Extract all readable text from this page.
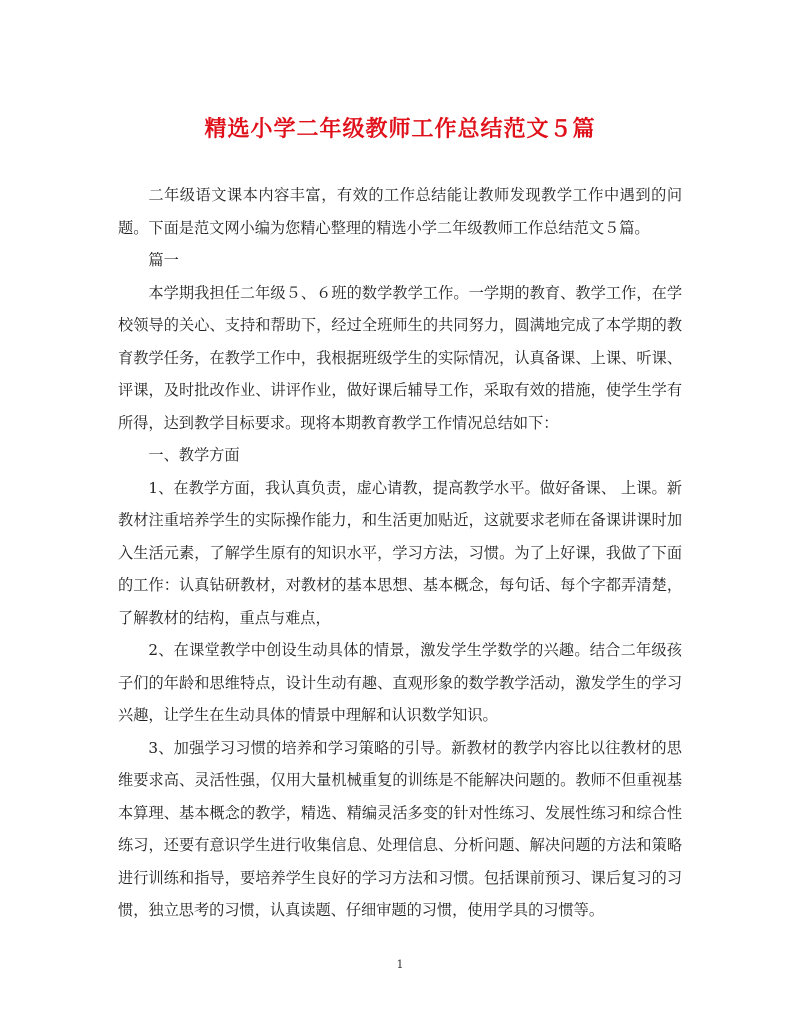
精选小学二年级教师工作总结范文５篇

二年级语文课本内容丰富，有效的工作总结能让教师发现教学工作中遇到的问题。下面是范文网小编为您精心整理的精选小学二年级教师工作总结范文５篇。

篇一

本学期我担任二年级５、６班的数学教学工作。一学期的教育、教学工作，在学校领导的关心、支持和帮助下，经过全班师生的共同努力，圆满地完成了本学期的教育教学任务，在教学工作中，我根据班级学生的实际情况，认真备课、上课、听课、评课，及时批改作业、讲评作业，做好课后辅导工作，采取有效的措施，使学生学有所得，达到教学目标要求。现将本期教育教学工作情况总结如下：

一、教学方面

1、在教学方面，我认真负责，虚心请教，提高教学水平。做好备课、 上课。新教材注重培养学生的实际操作能力，和生活更加贴近，这就要求老师在备课讲课时加入生活元素，了解学生原有的知识水平，学习方法，习惯。为了上好课，我做了下面的工作：认真钻研教材，对教材的基本思想、基本概念，每句话、每个字都弄清楚，了解教材的结构，重点与难点，

2、在课堂教学中创设生动具体的情景，激发学生学数学的兴趣。结合二年级孩子们的年龄和思维特点，设计生动有趣、直观形象的数学教学活动，激发学生的学习兴趣，让学生在生动具体的情景中理解和认识数学知识。

3、加强学习习惯的培养和学习策略的引导。新教材的教学内容比以往教材的思维要求高、灵活性强，仅用大量机械重复的训练是不能解决问题的。教师不但重视基本算理、基本概念的教学，精选、精编灵活多变的针对性练习、发展性练习和综合性练习，还要有意识学生进行收集信息、处理信息、分析问题、解决问题的方法和策略进行训练和指导，要培养学生良好的学习方法和习惯。包括课前预习、课后复习的习惯，独立思考的习惯，认真读题、仔细审题的习惯，使用学具的习惯等。

1
